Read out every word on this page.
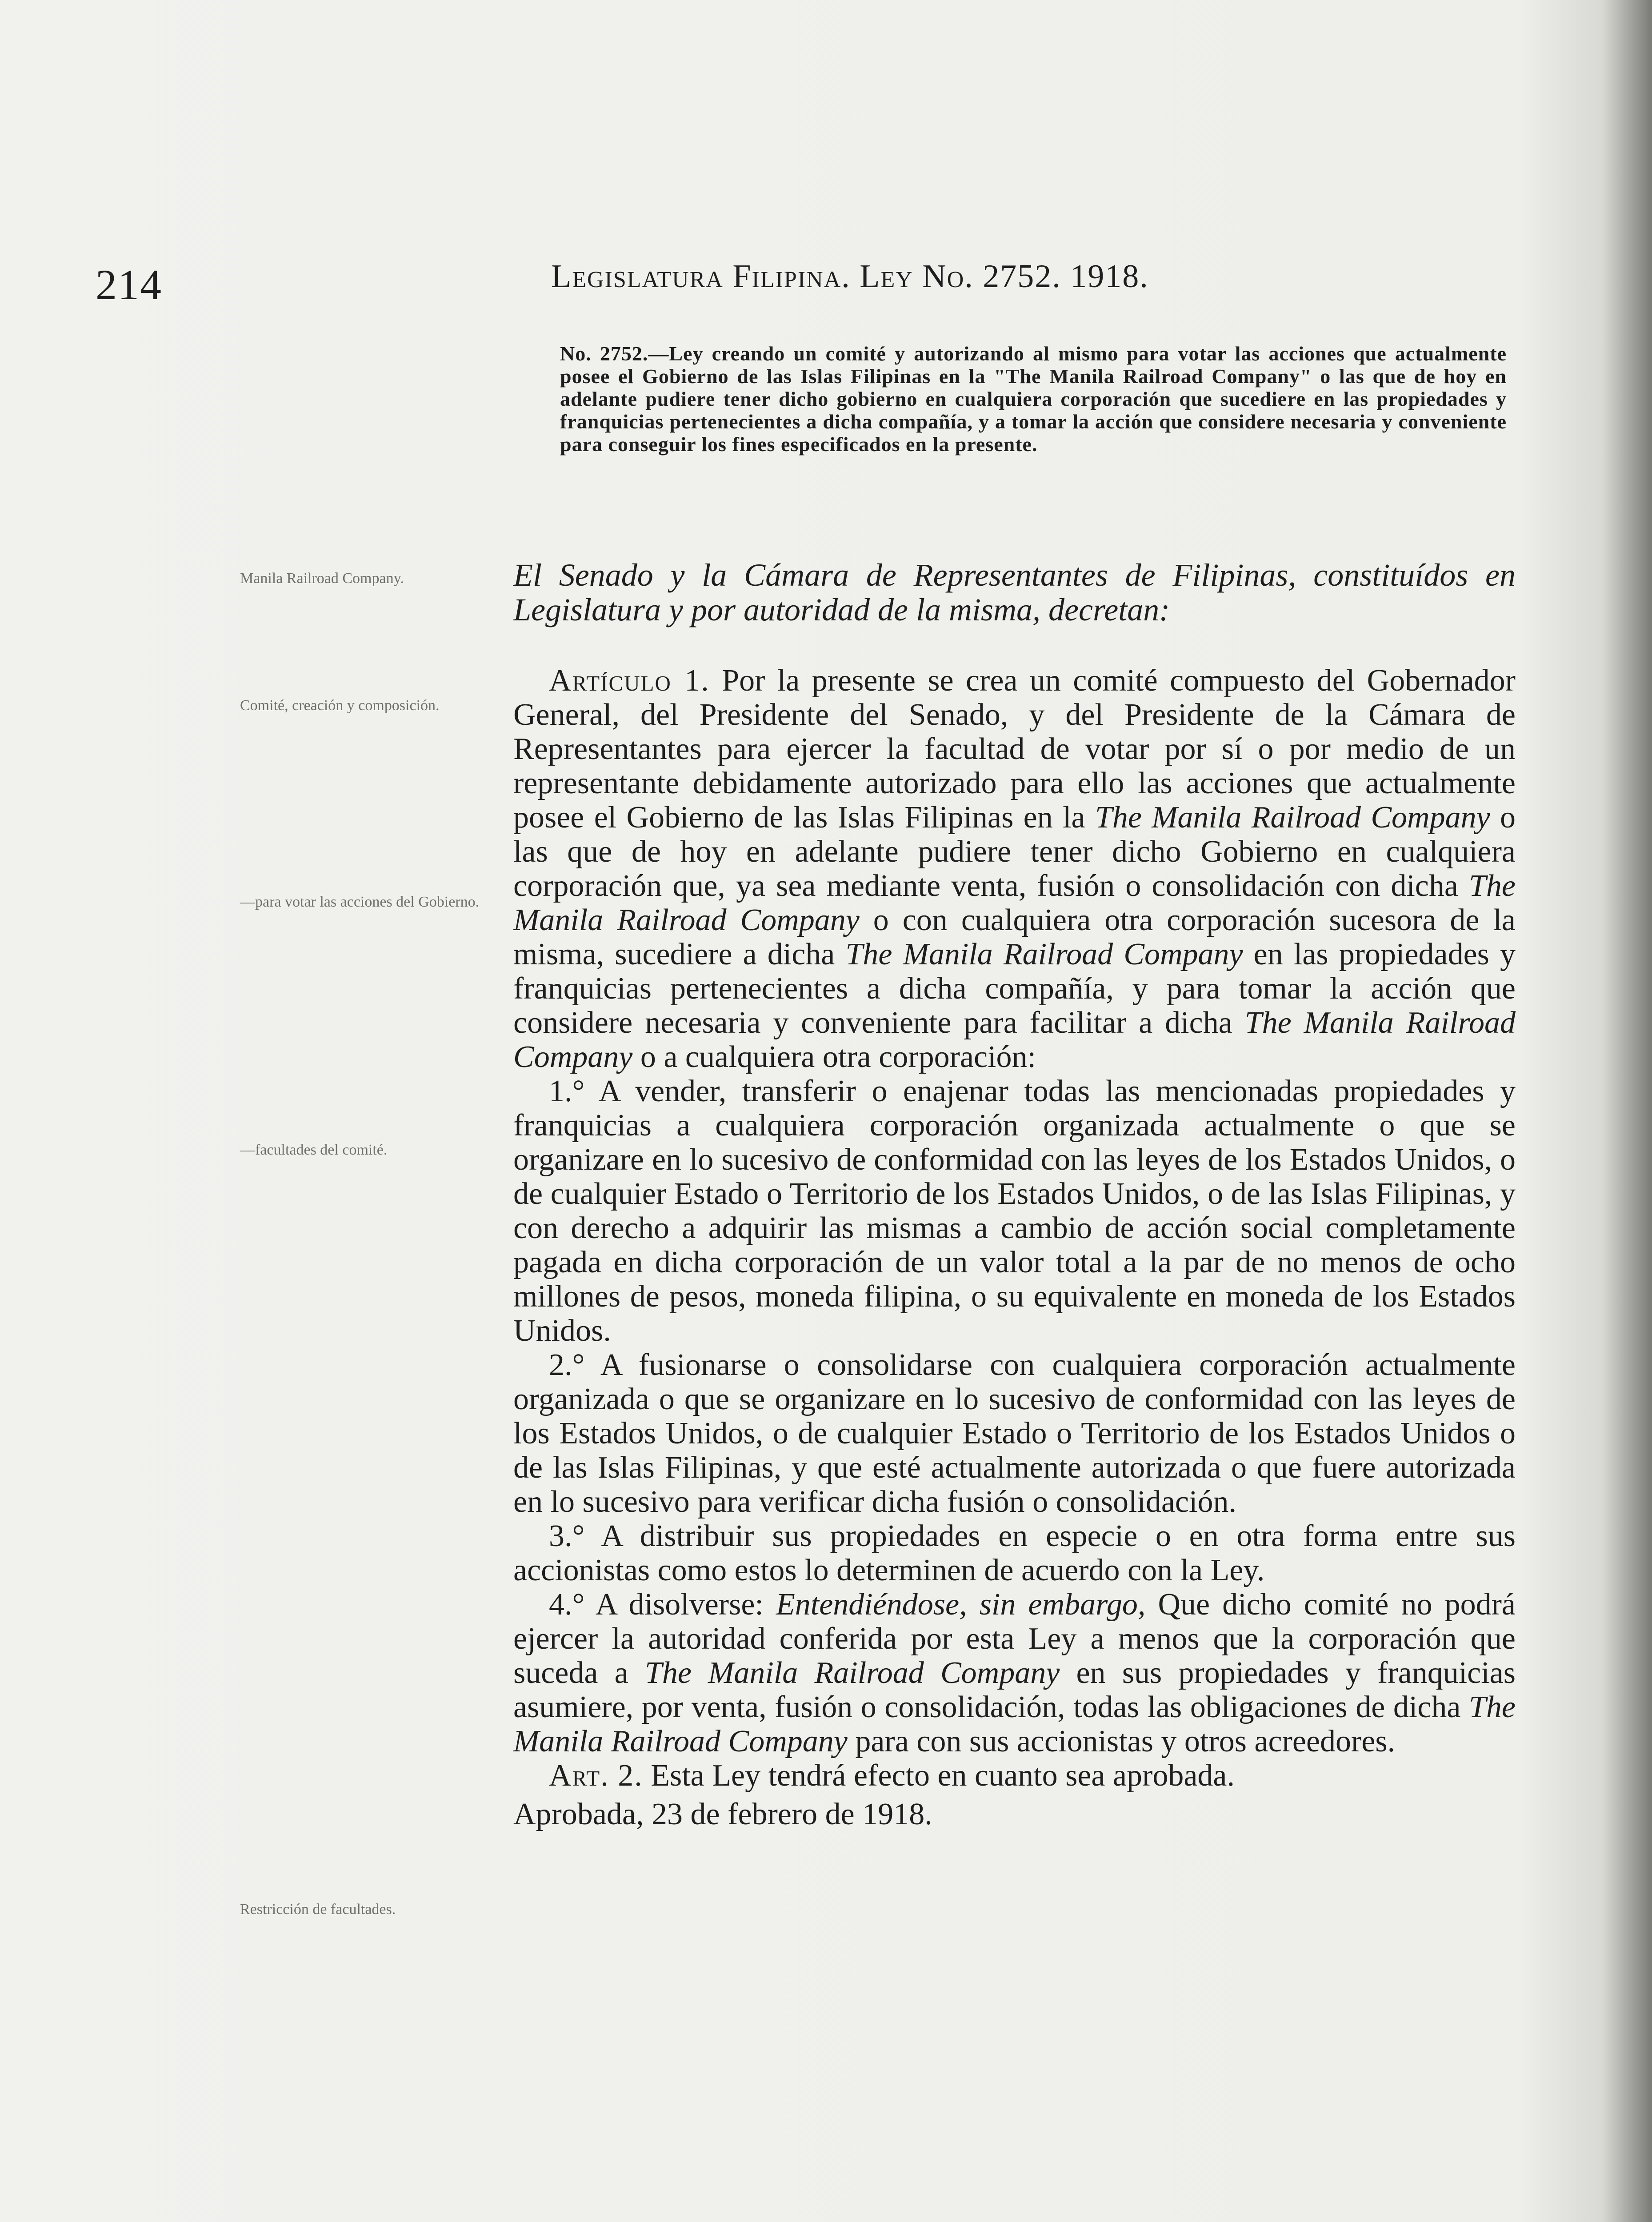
214	Legislatura Filipina. Ley No. 2752. 1918.
No. 2752.—Ley creando un comité y autorizando al mismo para votar las acciones que actualmente posee el Gobierno de las Islas Filipinas en la "The Manila Railroad Company" o las que de hoy en adelante pudiere tener dicho gobierno en cualquiera corporación que sucediere en las propiedades y franquicias pertenecientes a dicha compañía, y a tomar la acción que considere necesaria y conveniente para conseguir los fines especificados en la presente.
Manila Railroad Company.
Comité, creación y composición.
—para votar las acciones del Gobierno.
—facultades del comité.
Restricción de facultades.

El Senado y la Cámara de Representantes de Filipinas, constituídos en Legislatura y por autoridad de la misma, decretan:

Artículo 1. Por la presente se crea un comité compuesto del Gobernador General, del Presidente del Senado, y del Presidente de la Cámara de Representantes para ejercer la facultad de votar por sí o por medio de un representante debidamente autorizado para ello las acciones que actualmente posee el Gobierno de las Islas Filipinas en la The Manila Railroad Company o las que de hoy en adelante pudiere tener dicho Gobierno en cualquiera corporación que, ya sea mediante venta, fusión o consolidación con dicha The Manila Railroad Company o con cualquiera otra corporación sucesora de la misma, sucediere a dicha The Manila Railroad Company en las propiedades y franquicias pertenecientes a dicha compañía, y para tomar la acción que considere necesaria y conveniente para facilitar a dicha The Manila Railroad Company o a cualquiera otra corporación:

1.° A vender, transferir o enajenar todas las mencionadas propiedades y franquicias a cualquiera corporación organizada actualmente o que se organizare en lo sucesivo de conformidad con las leyes de los Estados Unidos, o de cualquier Estado o Territorio de los Estados Unidos, o de las Islas Filipinas, y con derecho a adquirir las mismas a cambio de acción social completamente pagada en dicha corporación de un valor total a la par de no menos de ocho millones de pesos, moneda filipina, o su equivalente en moneda de los Estados Unidos.

2.° A fusionarse o consolidarse con cualquiera corporación actualmente organizada o que se organizare en lo sucesivo de conformidad con las leyes de los Estados Unidos, o de cualquier Estado o Territorio de los Estados Unidos o de las Islas Filipinas, y que esté actualmente autorizada o que fuere autorizada en lo sucesivo para verificar dicha fusión o consolidación.

3.° A distribuir sus propiedades en especie o en otra forma entre sus accionistas como estos lo determinen de acuerdo con la Ley.

4.° A disolverse: Entendiéndose, sin embargo, Que dicho comité no podrá ejercer la autoridad conferida por esta Ley a menos que la corporación que suceda a The Manila Railroad Company en sus propiedades y franquicias asumiere, por venta, fusión o consolidación, todas las obligaciones de dicha The Manila Railroad Company para con sus accionistas y otros acreedores.

Art. 2. Esta Ley tendrá efecto en cuanto sea aprobada.

Aprobada, 23 de febrero de 1918.
